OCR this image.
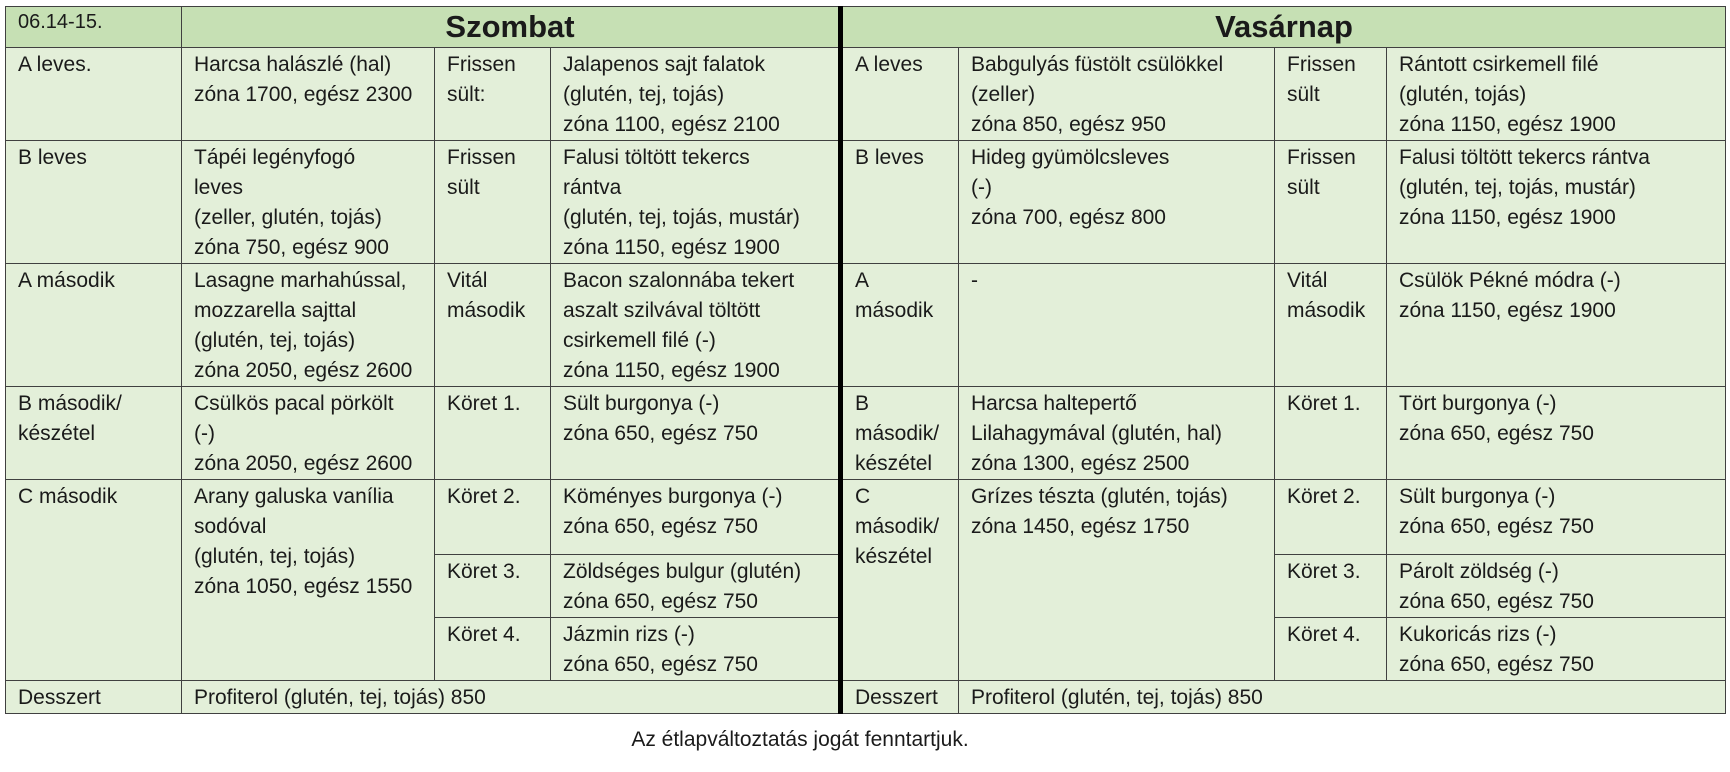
06.14-15.	Szombat			Vasárnap			
A leves.	Harcsa halászlé (hal)
zóna 1700, egész 2300	Frissen
sült:	Jalapenos sajt falatok
(glutén, tej, tojás)
zóna 1100, egész 2100	A leves	Babgulyás füstölt csülökkel
(zeller)
zóna 850, egész 950	Frissen
sült	Rántott csirkemell filé
(glutén, tojás)
zóna 1150, egész 1900
B leves	Tápéi legényfogó
leves
(zeller, glutén, tojás)
zóna 750, egész 900	Frissen
sült	Falusi töltött tekercs
rántva
(glutén, tej, tojás, mustár)
zóna 1150, egész 1900	B leves	Hideg gyümölcsleves
(-)
zóna 700, egész 800	Frissen
sült	Falusi töltött tekercs rántva
(glutén, tej, tojás, mustár)
zóna 1150, egész 1900
A második	Lasagne marhahússal,
mozzarella sajttal
(glutén, tej, tojás)
zóna 2050, egész 2600	Vitál
második	Bacon szalonnába tekert
aszalt szilvával töltött
csirkemell filé (-)
zóna 1150, egész 1900	A
második	-	Vitál
második	Csülök Pékné módra (-)
zóna 1150, egész 1900
B második/
készétel	Csülkös pacal pörkölt
(-)
zóna 2050, egész 2600	Köret 1.	Sült burgonya (-)
zóna 650, egész 750	B
második/
készétel	Harcsa haltepertő
Lilahagymával (glutén, hal)
zóna 1300, egész 2500	Köret 1.	Tört burgonya (-)
zóna 650, egész 750
C második	Arany galuska vanília
sodóval
(glutén, tej, tojás)
zóna 1050, egész 1550	Köret 2.	Köményes burgonya (-)
zóna 650, egész 750	C
második/
készétel	Grízes tészta (glutén, tojás)
zóna 1450, egész 1750	Köret 2.	Sült burgonya (-)
zóna 650, egész 750
		Köret 3.	Zöldséges bulgur (glutén)
zóna 650, egész 750			Köret 3.	Párolt zöldség (-)
zóna 650, egész 750
		Köret 4.	Jázmin rizs (-)
zóna 650, egész 750			Köret 4.	Kukoricás rizs (-)
zóna 650, egész 750
Desszert	Profiterol (glutén, tej, tojás) 850			Desszert	Profiterol (glutén, tej, tojás) 850		
Az étlapváltoztatás jogát fenntartjuk.
